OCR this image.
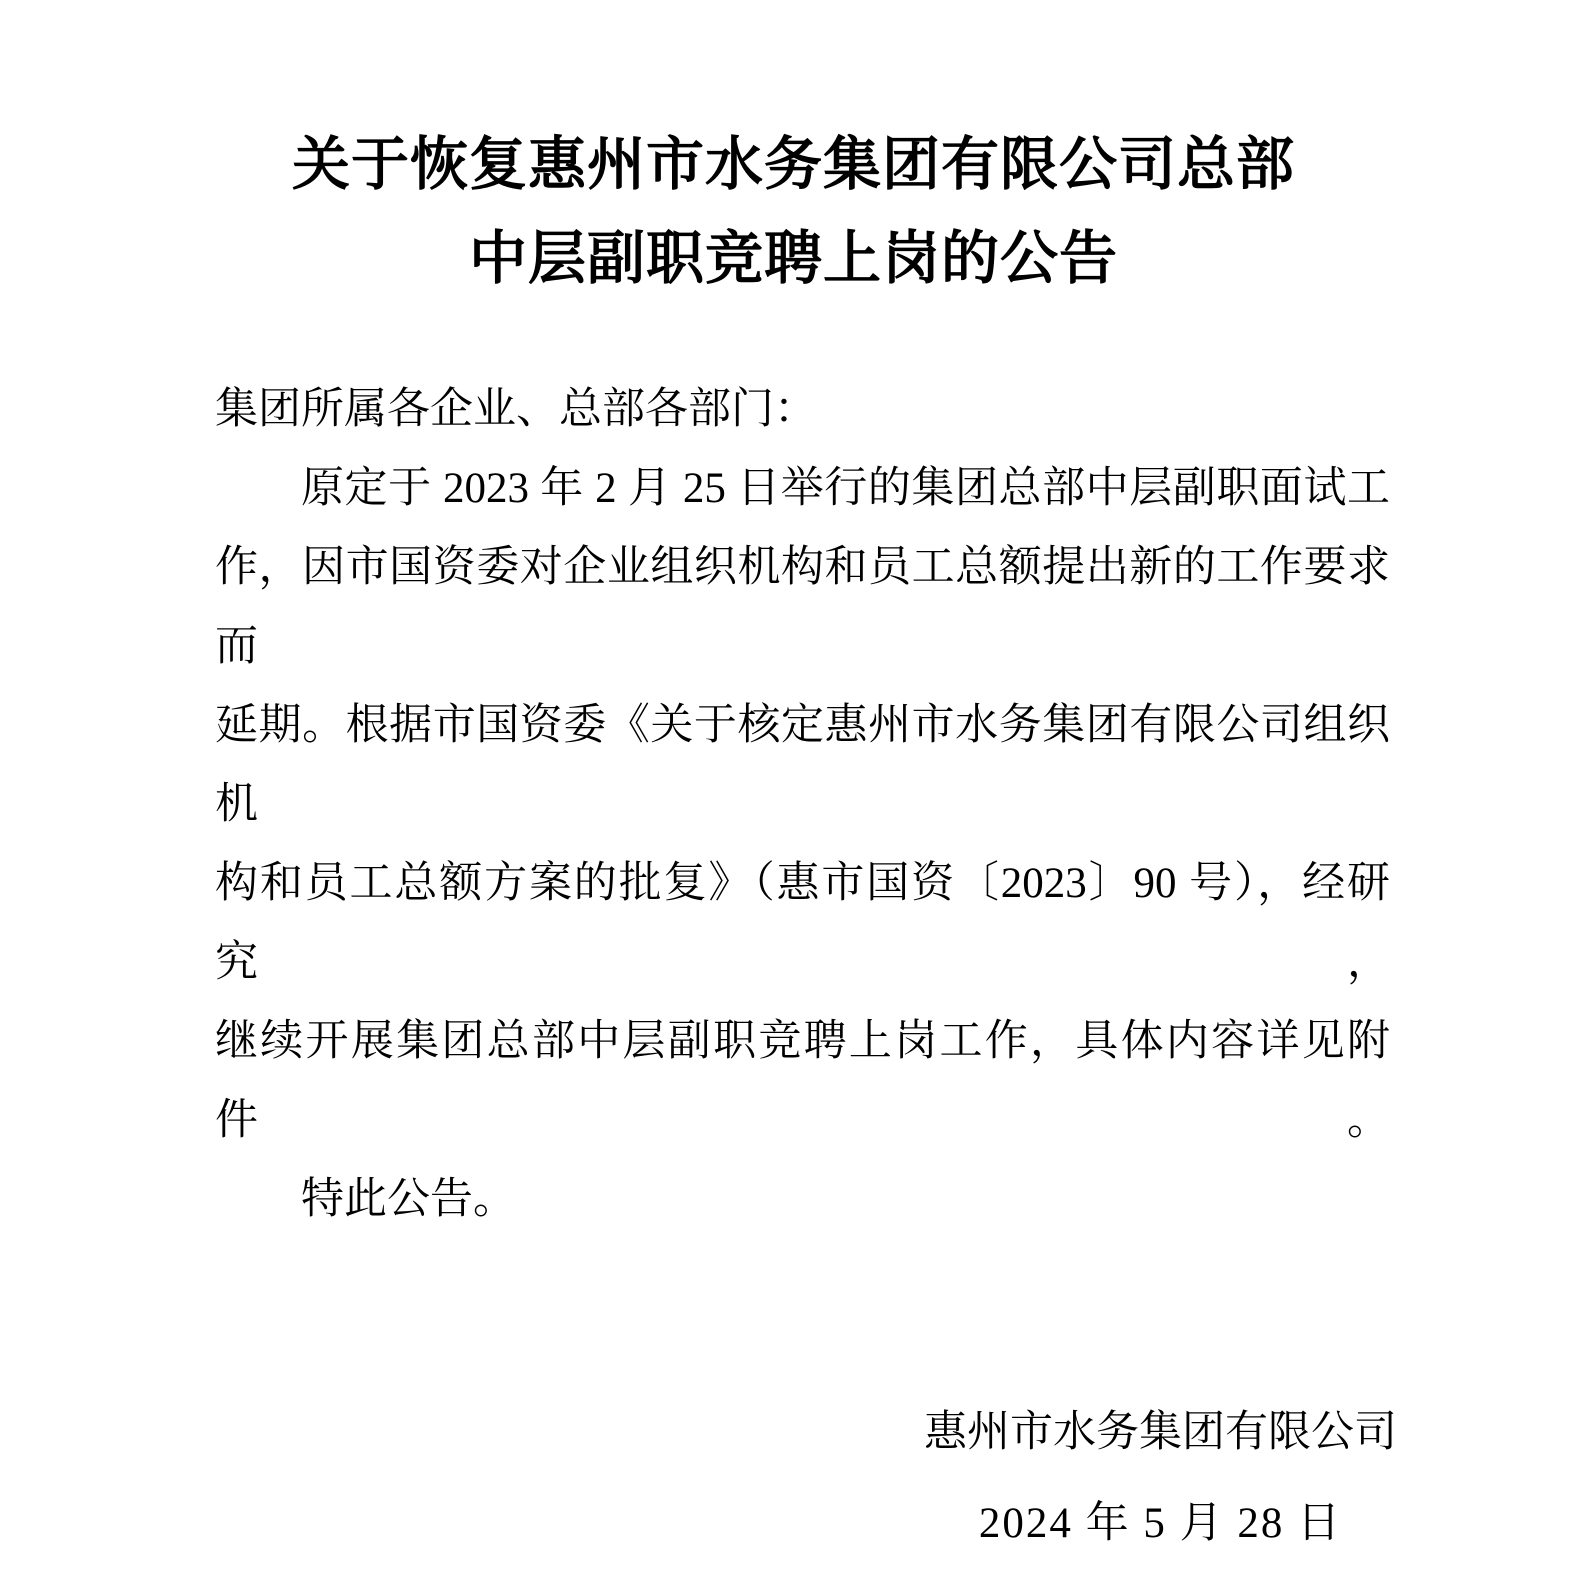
关于恢复惠州市水务集团有限公司总部
中层副职竞聘上岗的公告
集团所属各企业、总部各部门：
原定于 2023 年 2 月 25 日举行的集团总部中层副职面试工
作，因市国资委对企业组织机构和员工总额提出新的工作要求而
延期。根据市国资委《关于核定惠州市水务集团有限公司组织机
构和员工总额方案的批复》（惠市国资〔2023〕90 号），经研究，
继续开展集团总部中层副职竞聘上岗工作，具体内容详见附件。
特此公告。
惠州市水务集团有限公司
2024 年 5 月 28 日
